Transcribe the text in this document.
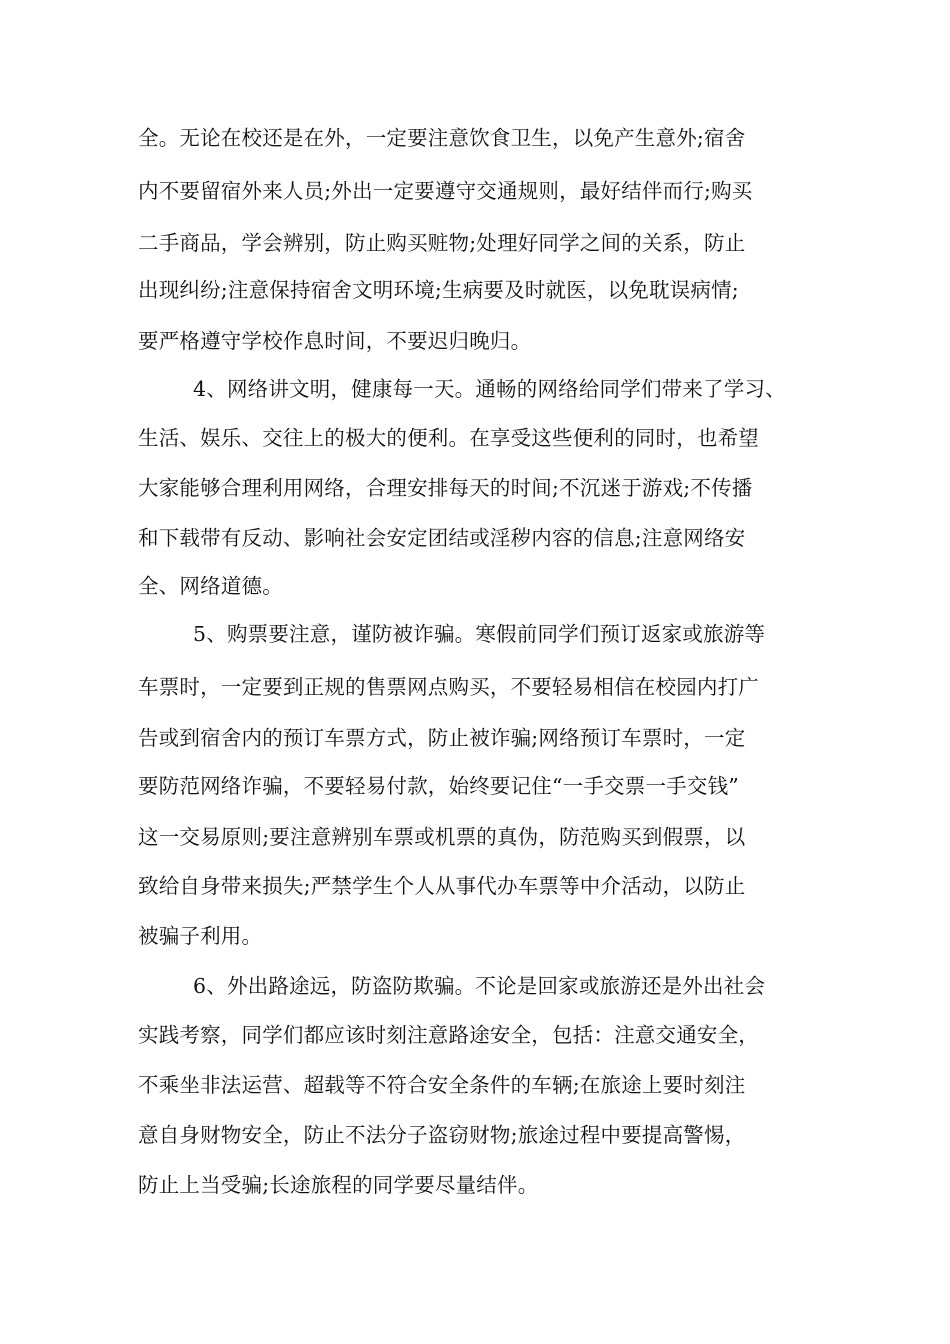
全。无论在校还是在外，一定要注意饮食卫生，以免产生意外;宿舍
内不要留宿外来人员;外出一定要遵守交通规则，最好结伴而行;购买
二手商品，学会辨别，防止购买赃物;处理好同学之间的关系，防止
出现纠纷;注意保持宿舍文明环境;生病要及时就医，以免耽误病情;
要严格遵守学校作息时间，不要迟归晚归。
4、网络讲文明，健康每一天。通畅的网络给同学们带来了学习、
生活、娱乐、交往上的极大的便利。在享受这些便利的同时，也希望
大家能够合理利用网络，合理安排每天的时间;不沉迷于游戏;不传播
和下载带有反动、影响社会安定团结或淫秽内容的信息;注意网络安
全、网络道德。
5、购票要注意，谨防被诈骗。寒假前同学们预订返家或旅游等
车票时，一定要到正规的售票网点购买，不要轻易相信在校园内打广
告或到宿舍内的预订车票方式，防止被诈骗;网络预订车票时，一定
要防范网络诈骗，不要轻易付款，始终要记住“一手交票一手交钱”
这一交易原则;要注意辨别车票或机票的真伪，防范购买到假票，以
致给自身带来损失;严禁学生个人从事代办车票等中介活动，以防止
被骗子利用。
6、外出路途远，防盗防欺骗。不论是回家或旅游还是外出社会
实践考察，同学们都应该时刻注意路途安全，包括：注意交通安全，
不乘坐非法运营、超载等不符合安全条件的车辆;在旅途上要时刻注
意自身财物安全，防止不法分子盗窃财物;旅途过程中要提高警惕，
防止上当受骗;长途旅程的同学要尽量结伴。
